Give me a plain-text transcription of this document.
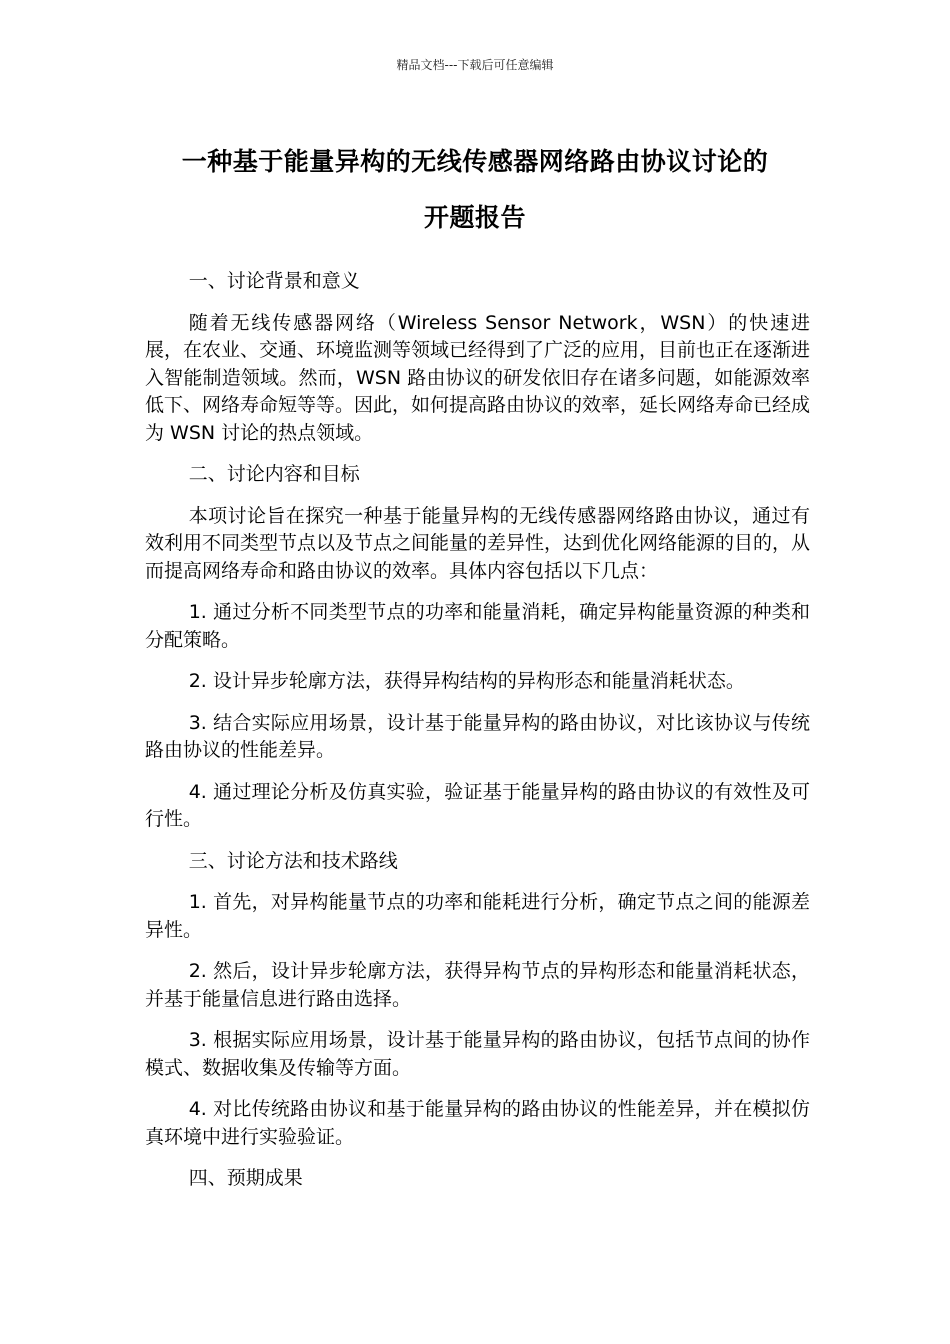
精品文档---下载后可任意编辑
一种基于能量异构的无线传感器网络路由协议讨论的
开题报告

一、讨论背景和意义

随着无线传感器网络（Wireless Sensor Network，WSN）的快速进展，在农业、交通、环境监测等领域已经得到了广泛的应用，目前也正在逐渐进入智能制造领域。然而，WSN 路由协议的研发依旧存在诸多问题，如能源效率低下、网络寿命短等等。因此，如何提高路由协议的效率，延长网络寿命已经成为 WSN 讨论的热点领域。

二、讨论内容和目标

本项讨论旨在探究一种基于能量异构的无线传感器网络路由协议，通过有效利用不同类型节点以及节点之间能量的差异性，达到优化网络能源的目的，从而提高网络寿命和路由协议的效率。具体内容包括以下几点：

1. 通过分析不同类型节点的功率和能量消耗，确定异构能量资源的种类和分配策略。

2. 设计异步轮廓方法，获得异构结构的异构形态和能量消耗状态。

3. 结合实际应用场景，设计基于能量异构的路由协议，对比该协议与传统路由协议的性能差异。

4. 通过理论分析及仿真实验，验证基于能量异构的路由协议的有效性及可行性。

三、讨论方法和技术路线

1. 首先，对异构能量节点的功率和能耗进行分析，确定节点之间的能源差异性。

2. 然后，设计异步轮廓方法，获得异构节点的异构形态和能量消耗状态，并基于能量信息进行路由选择。

3. 根据实际应用场景，设计基于能量异构的路由协议，包括节点间的协作模式、数据收集及传输等方面。

4. 对比传统路由协议和基于能量异构的路由协议的性能差异，并在模拟仿真环境中进行实验验证。

四、预期成果
